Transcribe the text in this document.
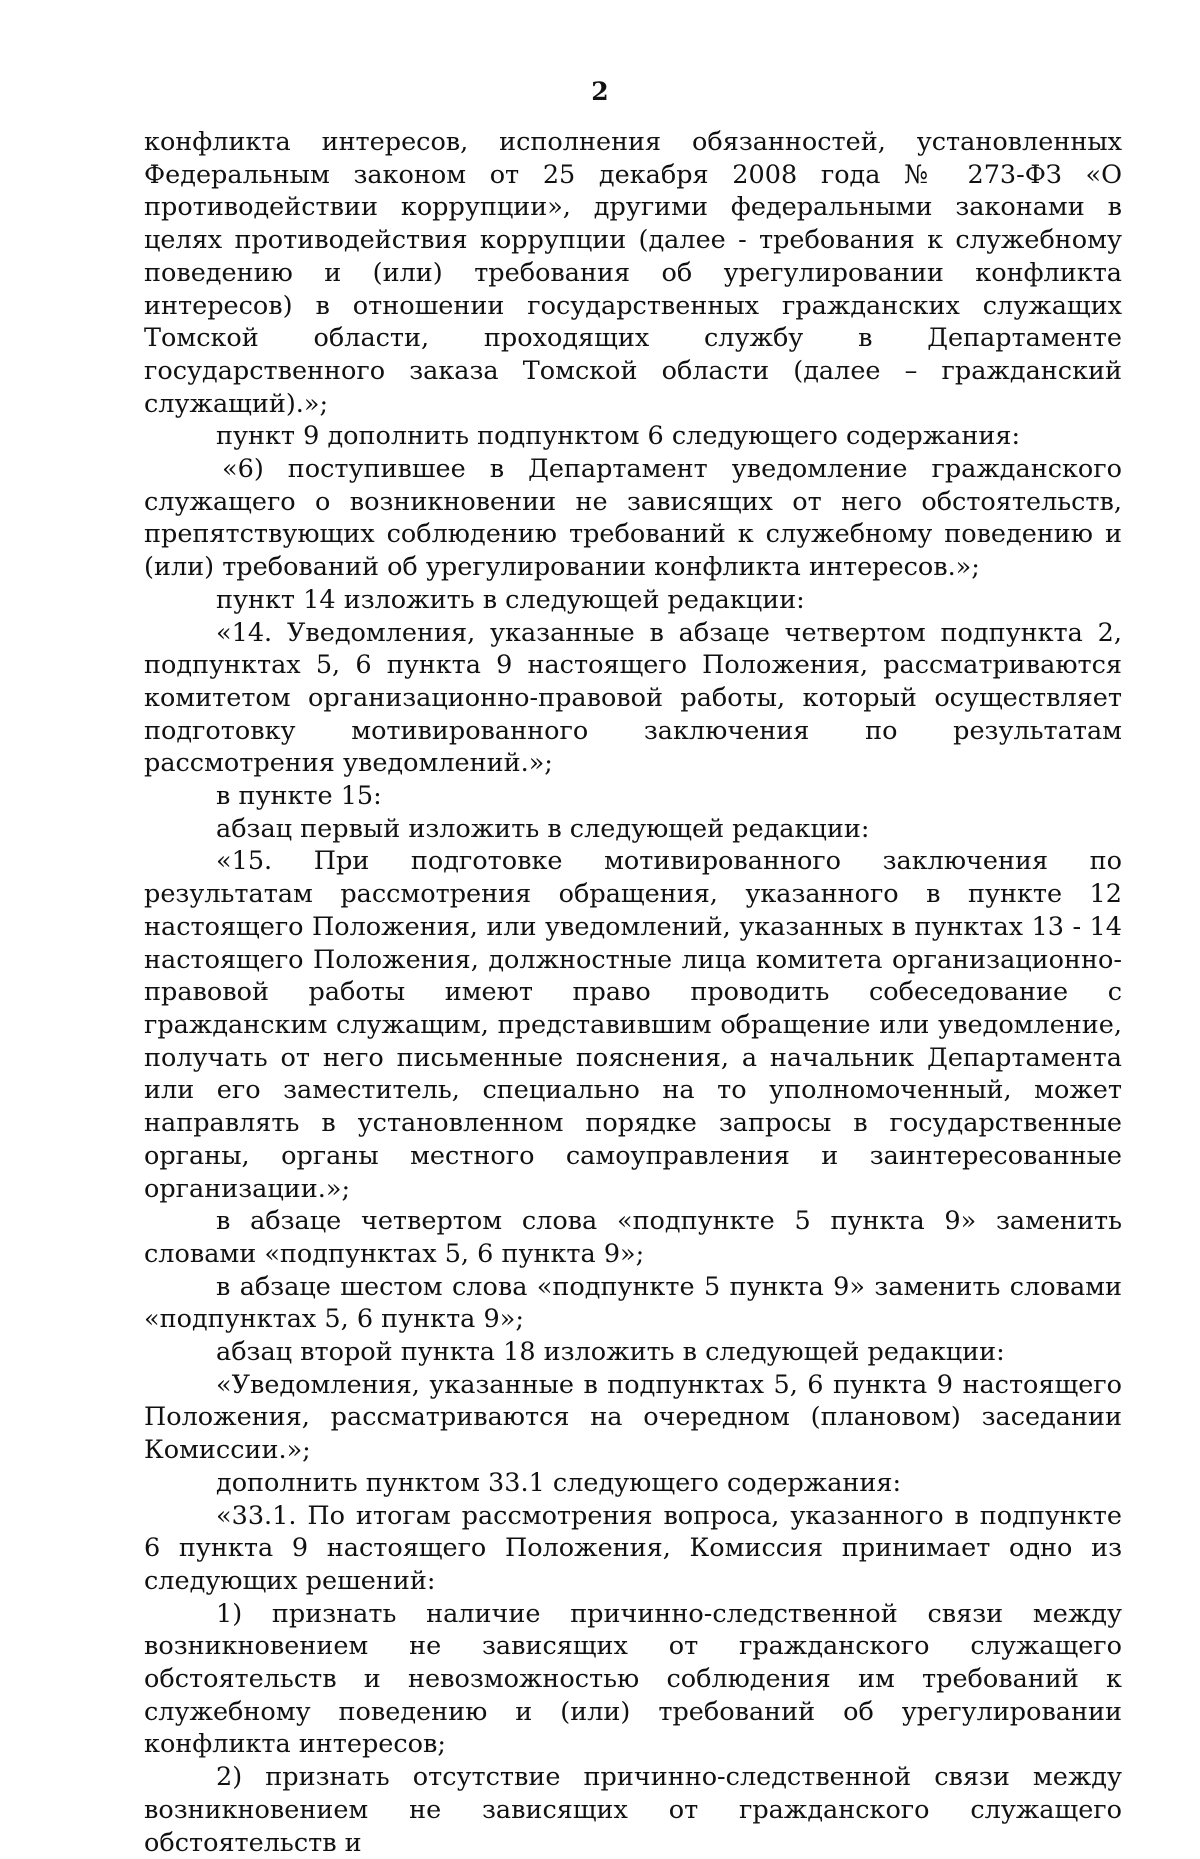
2

конфликта интересов, исполнения обязанностей, установленных Федеральным законом от 25 декабря 2008 года № 273-ФЗ «О противодействии коррупции», другими федеральными законами в целях противодействия коррупции (далее - требования к служебному поведению и (или) требования об урегулировании конфликта интересов) в отношении государственных гражданских служащих Томской области, проходящих службу в Департаменте государственного заказа Томской области (далее – гражданский служащий).»;

пункт 9 дополнить подпунктом 6 следующего содержания:

«6) поступившее в Департамент уведомление гражданского служащего о возникновении не зависящих от него обстоятельств, препятствующих соблюдению требований к служебному поведению и (или) требований об урегулировании конфликта интересов.»;

пункт 14 изложить в следующей редакции:

«14. Уведомления, указанные в абзаце четвертом подпункта 2, подпунктах 5, 6 пункта 9 настоящего Положения, рассматриваются комитетом организационно-правовой работы, который осуществляет подготовку мотивированного заключения по результатам рассмотрения уведомлений.»;

в пункте 15:

абзац первый изложить в следующей редакции:

«15. При подготовке мотивированного заключения по результатам рассмотрения обращения, указанного в пункте 12 настоящего Положения, или уведомлений, указанных в пунктах 13 - 14 настоящего Положения, должностные лица комитета организационно-правовой работы имеют право проводить собеседование с гражданским служащим, представившим обращение или уведомление, получать от него письменные пояснения, а начальник Департамента или его заместитель, специально на то уполномоченный, может направлять в установленном порядке запросы в государственные органы, органы местного самоуправления и заинтересованные организации.»;

в абзаце четвертом слова «подпункте 5 пункта 9» заменить словами «подпунктах 5, 6 пункта 9»;

в абзаце шестом слова «подпункте 5 пункта 9» заменить словами «подпунктах 5, 6 пункта 9»;

абзац второй пункта 18 изложить в следующей редакции:

«Уведомления, указанные в подпунктах 5, 6 пункта 9 настоящего Положения, рассматриваются на очередном (плановом) заседании Комиссии.»;

дополнить пунктом 33.1 следующего содержания:

«33.1. По итогам рассмотрения вопроса, указанного в подпункте 6 пункта 9 настоящего Положения, Комиссия принимает одно из следующих решений:

1) признать наличие причинно-следственной связи между возникновением не зависящих от гражданского служащего обстоятельств и невозможностью соблюдения им требований к служебному поведению и (или) требований об урегулировании конфликта интересов;

2) признать отсутствие причинно-следственной связи между возникновением не зависящих от гражданского служащего обстоятельств и
